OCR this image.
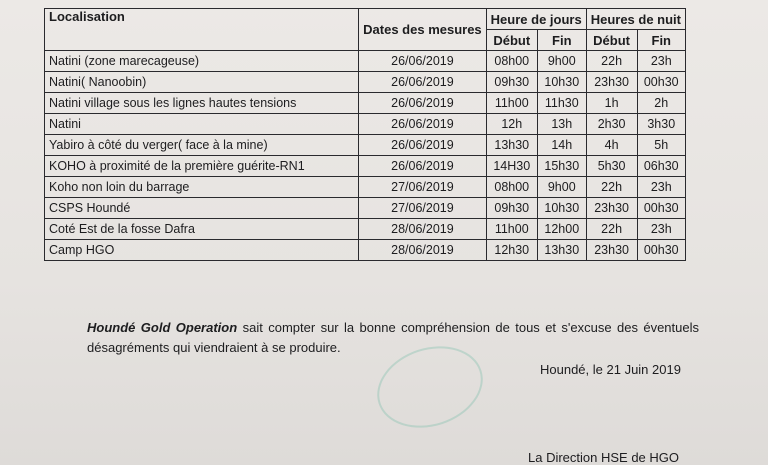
Localisation	Dates des mesures	Heure de jours		Heures de nuit	
		Début	Fin	Début	Fin
Natini (zone marecageuse)	26/06/2019	08h00	9h00	22h	23h
Natini( Nanoobin)	26/06/2019	09h30	10h30	23h30	00h30
Natini village sous les lignes hautes tensions	26/06/2019	11h00	11h30	1h	2h
Natini	26/06/2019	12h	13h	2h30	3h30
Yabiro à côté du verger( face à la mine)	26/06/2019	13h30	14h	4h	5h
KOHO à proximité de la première guérite-RN1	26/06/2019	14H30	15h30	5h30	06h30
Koho non loin du barrage	27/06/2019	08h00	9h00	22h	23h
CSPS Houndé	27/06/2019	09h30	10h30	23h30	00h30
Coté Est de la fosse Dafra	28/06/2019	11h00	12h00	22h	23h
Camp HGO	28/06/2019	12h30	13h30	23h30	00h30

Houndé Gold Operation sait compter sur la bonne compréhension de tous et s'excuse des éventuels désagréments qui viendraient à se produire.

Houndé, le 21 Juin 2019
La Direction HSE de HGO
